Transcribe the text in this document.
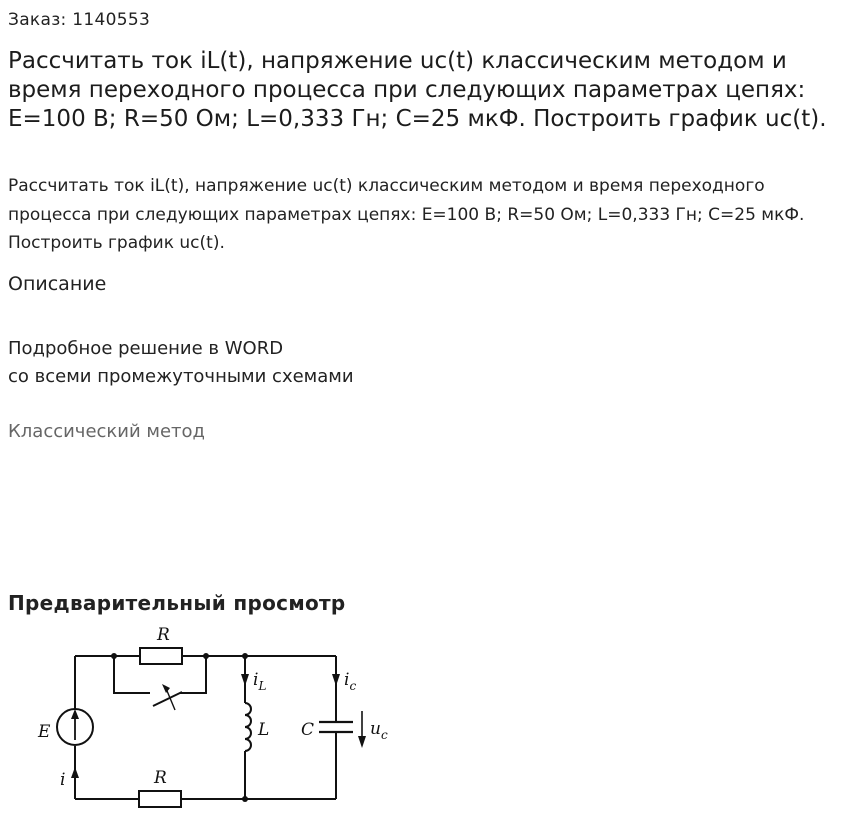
Заказ: 1140553
Рассчитать ток iL(t), напряжение uc(t) классическим методом и время переходного процесса при следующих параметрах цепях: E=100 В; R=50 Ом; L=0,333 Гн; С=25 мкФ. Построить график uc(t).
Рассчитать ток iL(t), напряжение uc(t) классическим методом и время переходного процесса при следующих параметрах цепях: E=100 В; R=50 Ом; L=0,333 Гн; С=25 мкФ. Построить график uc(t).
Описание
Подробное решение в WORD
со всеми промежуточными схемами
Классический метод
Предварительный просмотр
R
R
E
i
$i_L$
L C
$i_c$
$u_c$
